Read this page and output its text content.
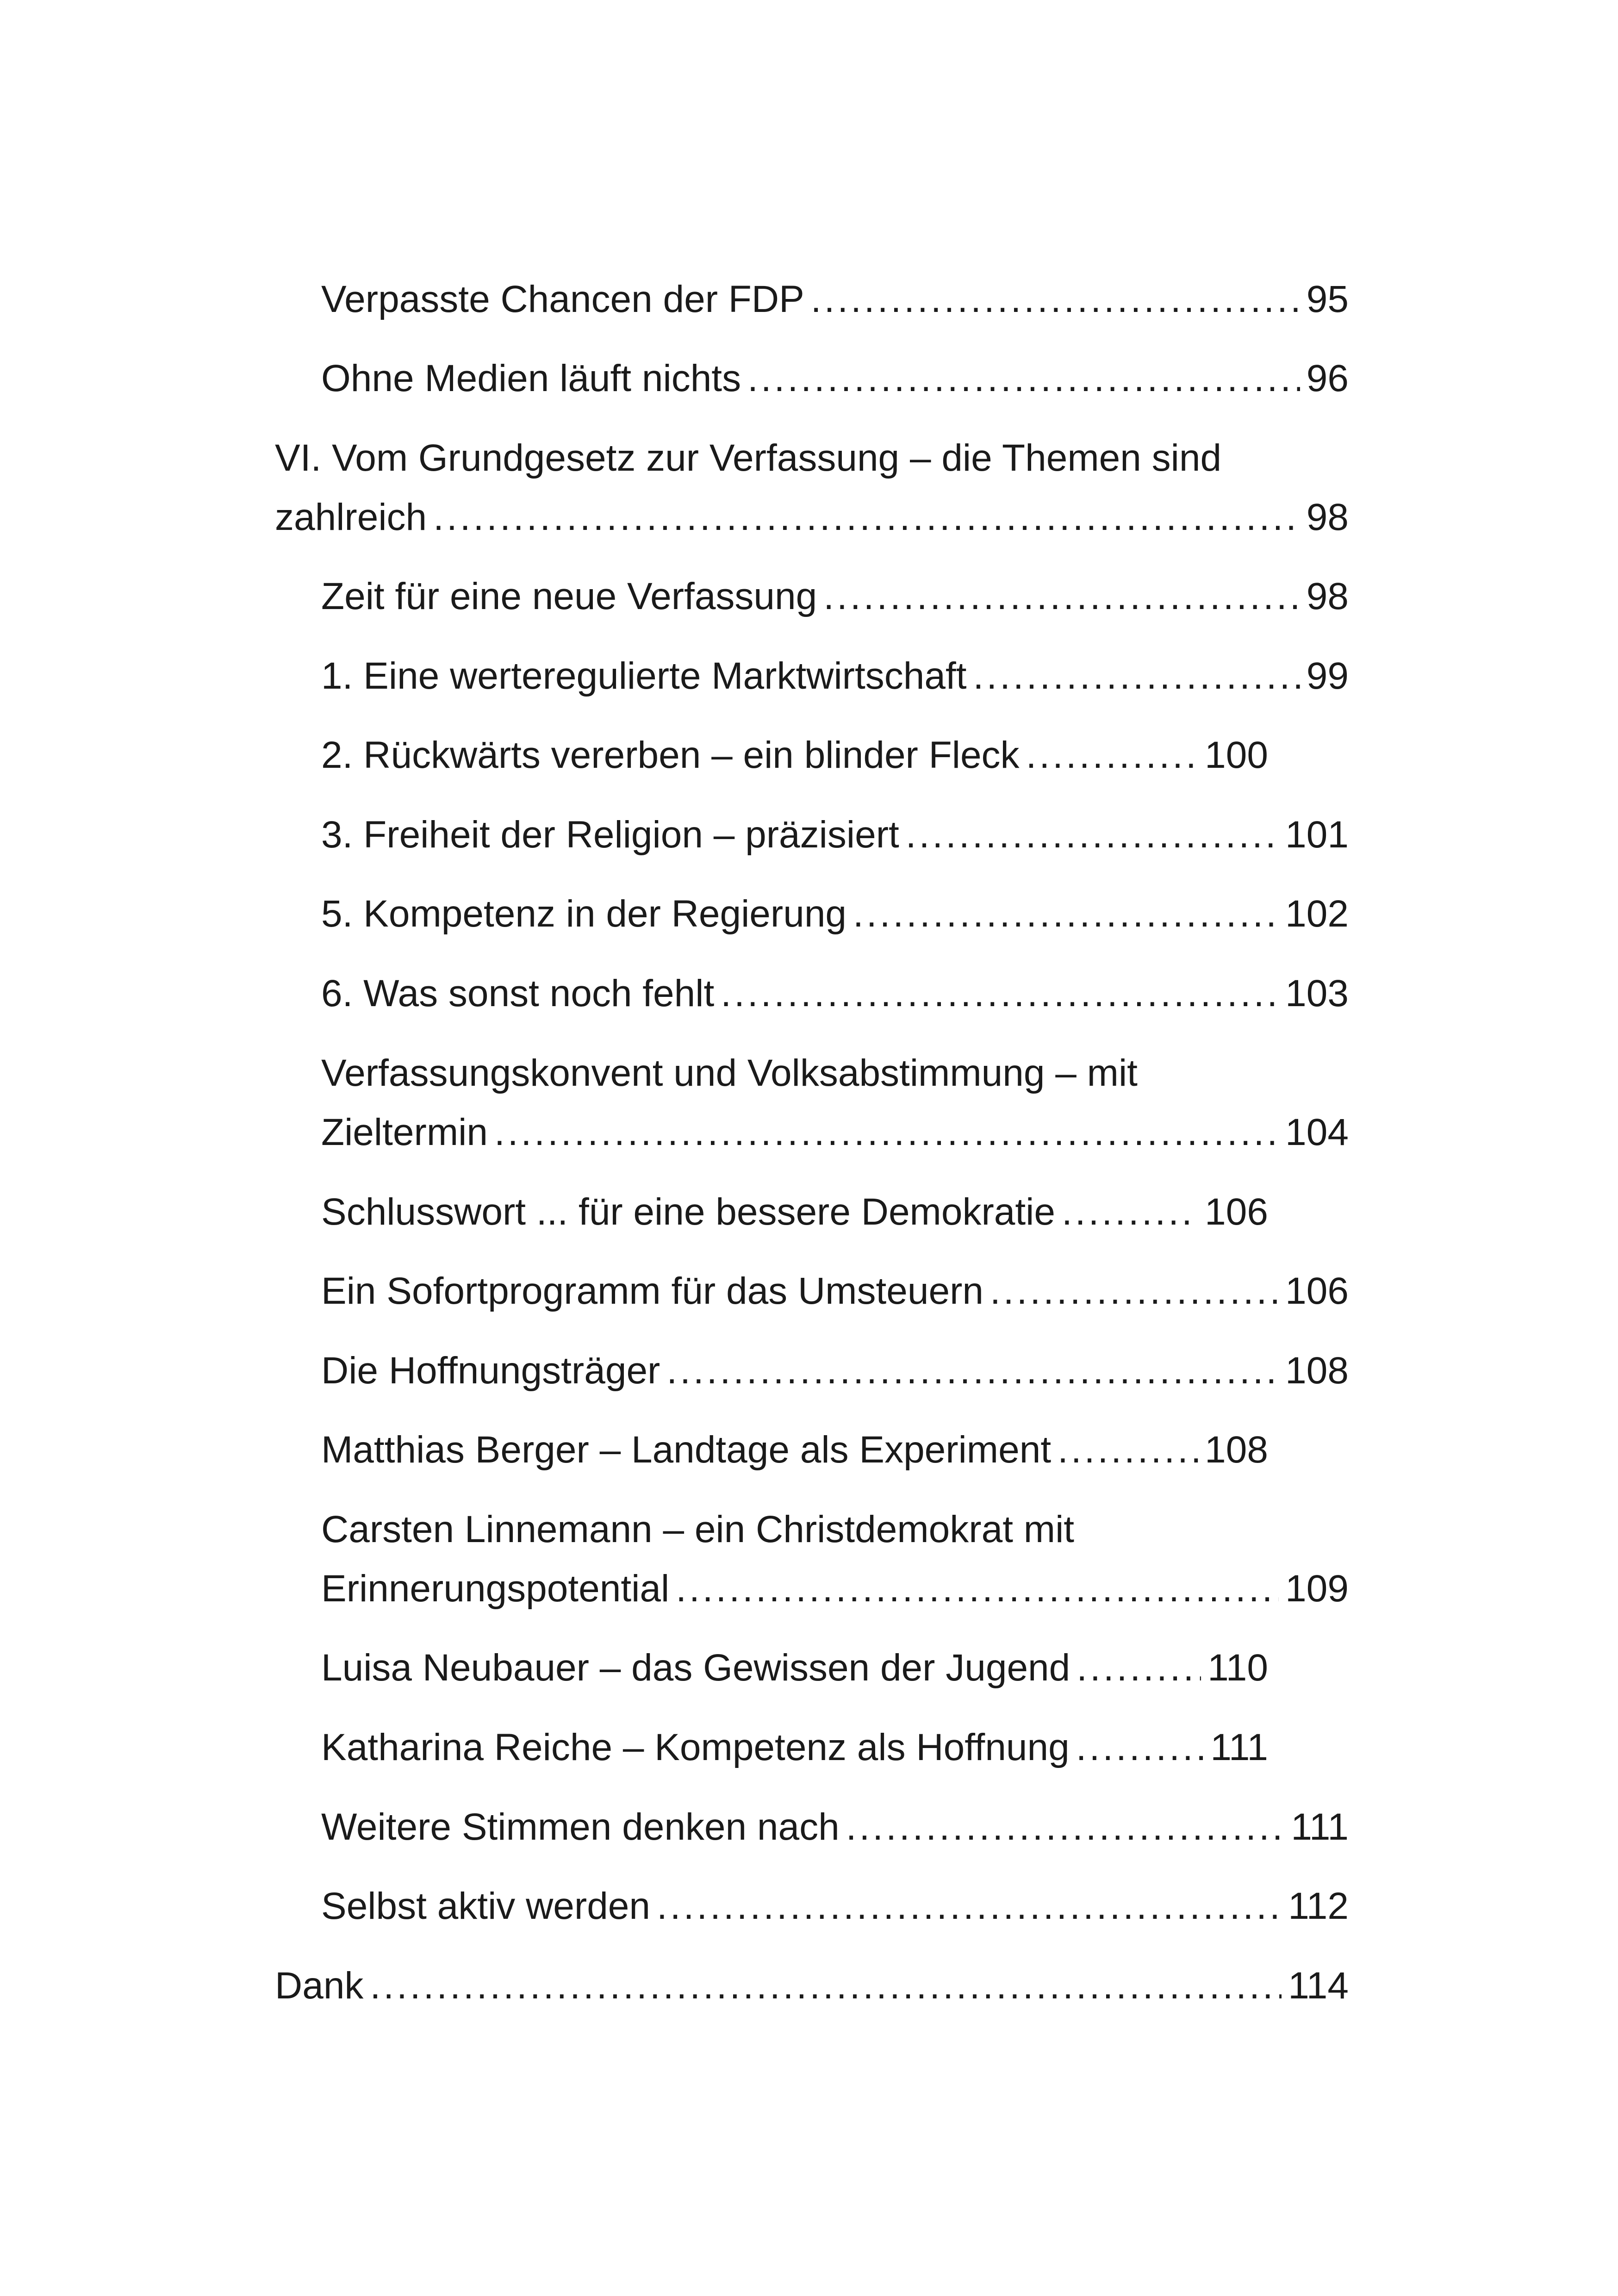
Verpasste Chancen der FDP .....	95
Ohne Medien läuft nichts .....	96
VI. Vom Grundgesetz zur Verfassung – die Themen sind
zahlreich .....	98
Zeit für eine neue Verfassung .....	98
1. Eine werteregulierte Marktwirtschaft .....	99
2. Rückwärts vererben – ein blinder Fleck .....	100
3. Freiheit der Religion – präzisiert .....	101
5. Kompetenz in der Regierung .....	102
6. Was sonst noch fehlt .....	103
Verfassungskonvent und Volksabstimmung – mit
Zieltermin .....	104
Schlusswort ... für eine bessere Demokratie .....	106
Ein Sofortprogramm für das Umsteuern .....	106
Die Hoffnungsträger .....	108
Matthias Berger – Landtage als Experiment .....	108
Carsten Linnemann – ein Christdemokrat mit
Erinnerungspotential .....	109
Luisa Neubauer – das Gewissen der Jugend .....	110
Katharina Reiche – Kompetenz als Hoffnung .....	111
Weitere Stimmen denken nach .....	111
Selbst aktiv werden .....	112
Dank .....	114
